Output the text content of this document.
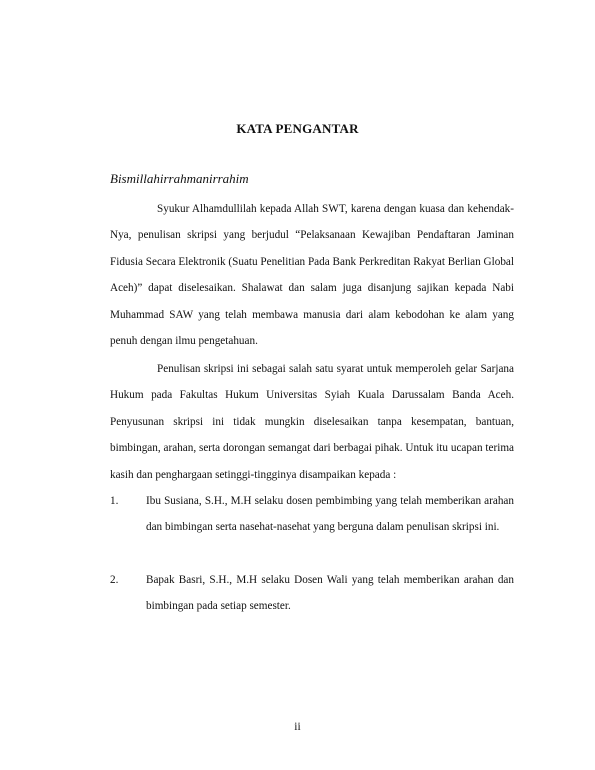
KATA PENGANTAR
Bismillahirrahmanirrahim
Syukur Alhamdullilah kepada Allah SWT, karena dengan kuasa dan kehendak-Nya, penulisan skripsi yang berjudul “Pelaksanaan Kewajiban Pendaftaran Jaminan Fidusia Secara Elektronik (Suatu Penelitian Pada Bank Perkreditan Rakyat Berlian Global Aceh)” dapat diselesaikan. Shalawat dan salam juga disanjung sajikan kepada Nabi Muhammad SAW yang telah membawa manusia dari alam kebodohan ke alam yang penuh dengan ilmu pengetahuan.
Penulisan skripsi ini sebagai salah satu syarat untuk memperoleh gelar Sarjana Hukum pada Fakultas Hukum Universitas Syiah Kuala Darussalam Banda Aceh. Penyusunan skripsi ini tidak mungkin diselesaikan tanpa kesempatan, bantuan, bimbingan, arahan, serta dorongan semangat dari berbagai pihak. Untuk itu ucapan terima kasih dan penghargaan setinggi-tingginya disampaikan kepada :
1. Ibu Susiana, S.H., M.H selaku dosen pembimbing yang telah memberikan arahan dan bimbingan serta nasehat-nasehat yang berguna dalam penulisan skripsi ini.
2. Bapak Basri, S.H., M.H selaku Dosen Wali yang telah memberikan arahan dan bimbingan pada setiap semester.
ii
